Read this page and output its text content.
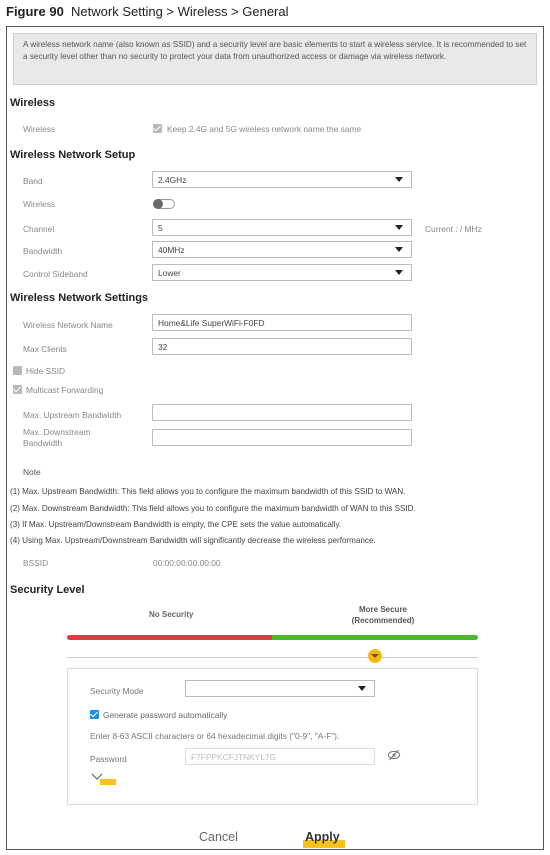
Figure 90 Network Setting > Wireless > General
A wireless network name (also known as SSID) and a security level are basic elements to start a wireless service. It is recommended to set a security level other than no security to protect your data from unauthorized access or damage via wireless network.
Wireless
Wireless	Keep 2.4G and 5G wireless network name the same
Wireless Network Setup
Band	2.4GHz
Wireless
Channel	5	Current : / MHz
Bandwidth	40MHz
Control Sideband	Lower
Wireless Network Settings
Wireless Network Name	Home&Life SuperWiFi-F0FD
Max Clients	32
Hide SSID
Multicast Forwarding
Max. Upstream Bandwidth
Max. Downstream
Bandwidth
Note
(1) Max. Upstream Bandwidth: This field allows you to configure the maximum bandwidth of this SSID to WAN.
(2) Max. Downstream Bandwidth: This field allows you to configure the maximum bandwidth of WAN to this SSID.
(3) If Max. Upstream/Downstream Bandwidth is empty, the CPE sets the value automatically.
(4) Using Max. Upstream/Downstream Bandwidth will significantly decrease the wireless performance.
BSSID	00:00:00:00:00:00
Security Level
No Security
More Secure
(Recommended)
Security Mode
Generate password automatically
Enter 8-63 ASCII characters or 64 hexadecimal digits ("0-9", "A-F").
Password	F7FPPKCFJTNKYL7G
Cancel	Apply
